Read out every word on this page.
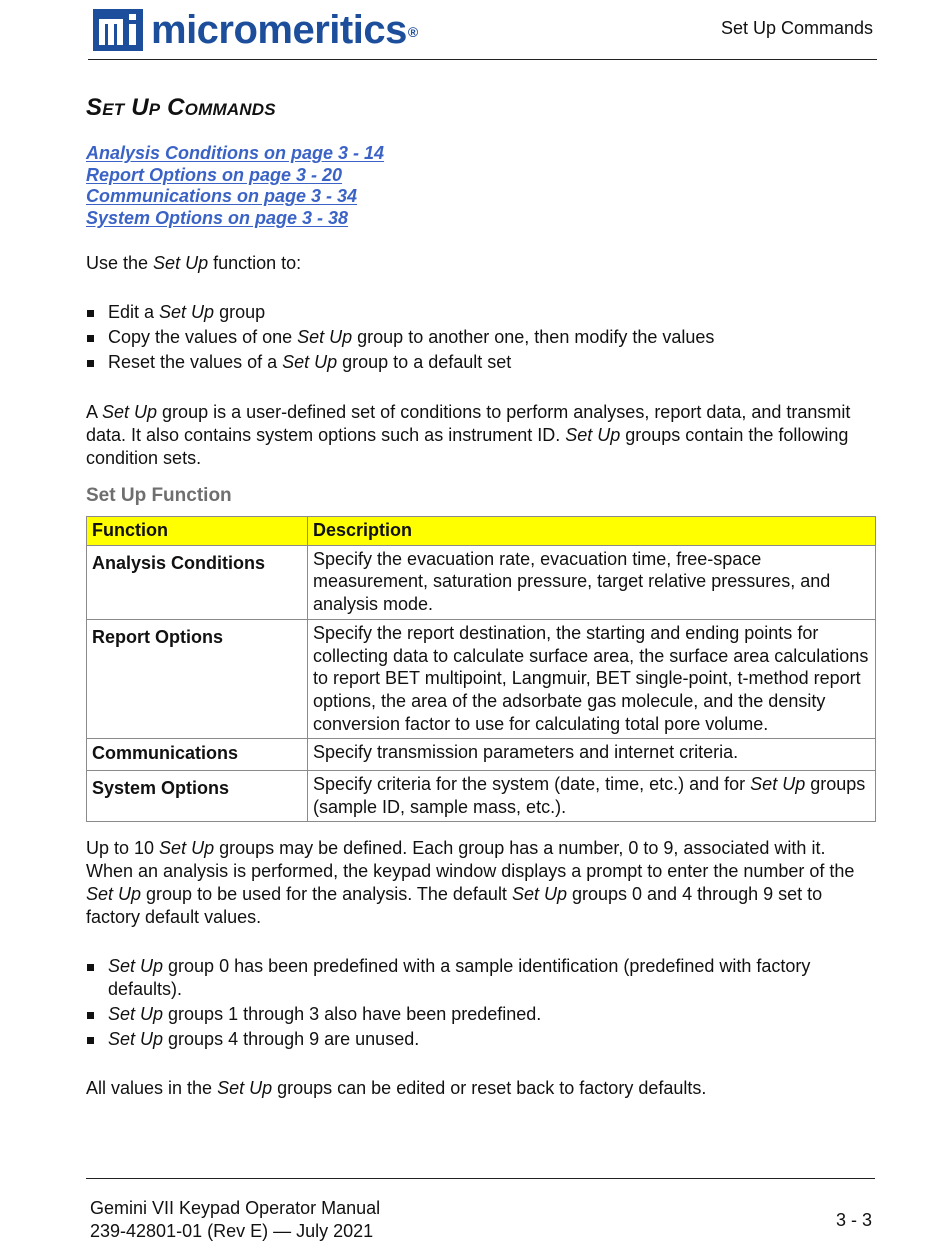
micromeritics ®	Set Up Commands
Set Up Commands
Analysis Conditions on page 3 - 14
Report Options on page 3 - 20
Communications on page 3 - 34
System Options on page 3 - 38
Use the Set Up function to:
Edit a Set Up group
Copy the values of one Set Up group to another one, then modify the values
Reset the values of a Set Up group to a default set
A Set Up group is a user-defined set of conditions to perform analyses, report data, and transmit data. It also contains system options such as instrument ID. Set Up groups contain the following condition sets.
Set Up Function
Function	Description
Analysis Conditions	Specify the evacuation rate, evacuation time, free-space measurement, saturation pressure, target relative pressures, and analysis mode.
Report Options	Specify the report destination, the starting and ending points for collecting data to calculate surface area, the surface area calculations to report BET multipoint, Langmuir, BET single-point, t-method report options, the area of the adsorbate gas molecule, and the density conversion factor to use for calculating total pore volume.
Communications	Specify transmission parameters and internet criteria.
System Options	Specify criteria for the system (date, time, etc.) and for Set Up groups (sample ID, sample mass, etc.).
Up to 10 Set Up groups may be defined. Each group has a number, 0 to 9, associated with it. When an analysis is performed, the keypad window displays a prompt to enter the number of the Set Up group to be used for the analysis. The default Set Up groups 0 and 4 through 9 set to factory default values.
Set Up group 0 has been predefined with a sample identification (predefined with factory defaults).
Set Up groups 1 through 3 also have been predefined.
Set Up groups 4 through 9 are unused.
All values in the Set Up groups can be edited or reset back to factory defaults.
Gemini VII Keypad Operator Manual
239-42801-01 (Rev E) — July 2021
3 - 3
